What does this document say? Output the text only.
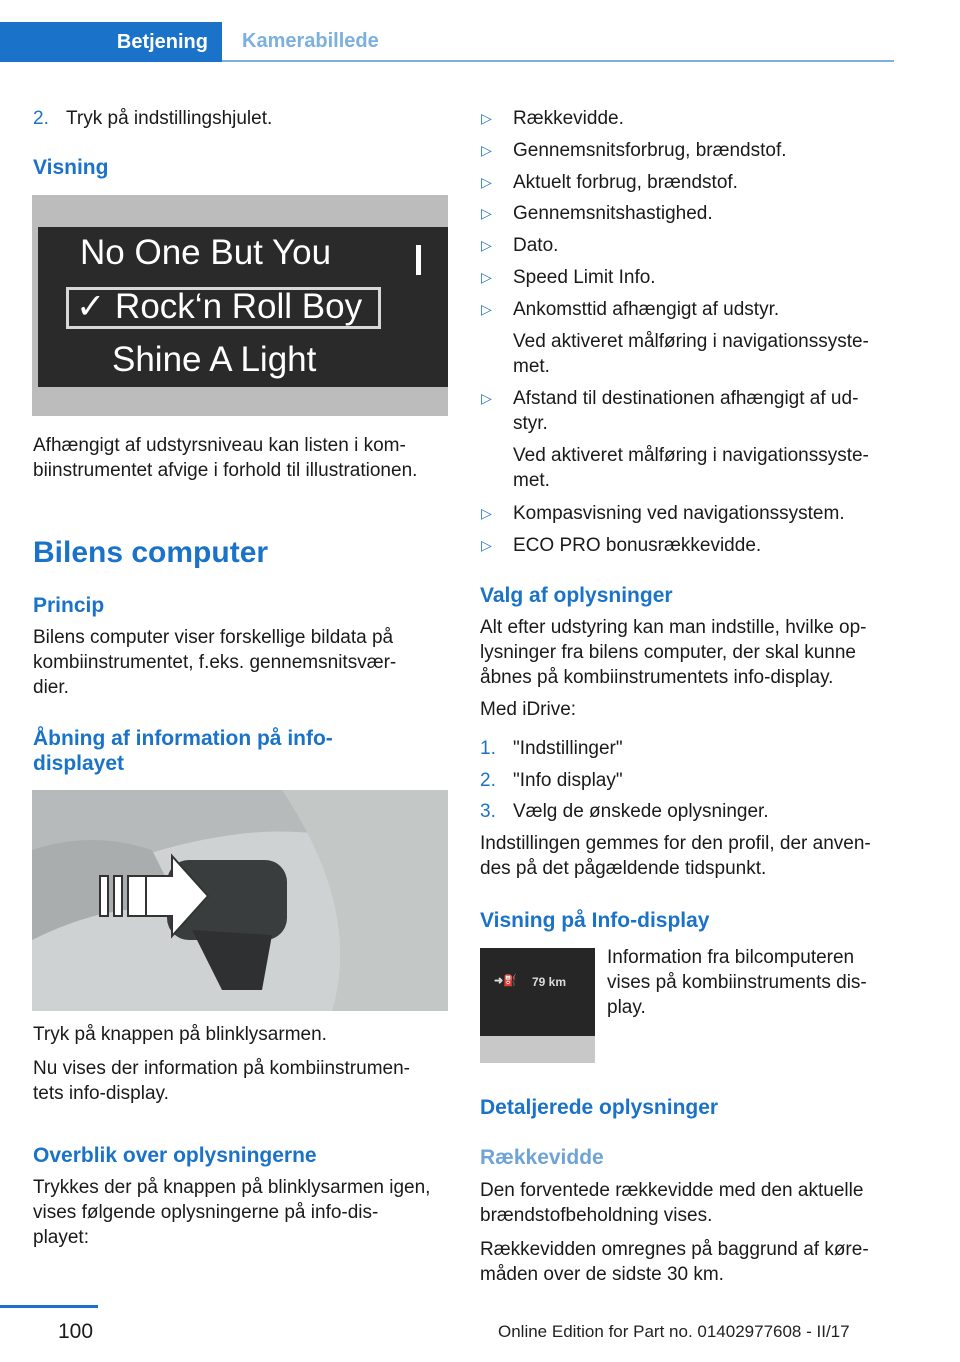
Betjening	Kamerabillede
2. Tryk på indstillingshjulet.
Visning
No One But You
✓ Rock‘n Roll Boy
Shine A Light
Afhængigt af udstyrsniveau kan listen i kom-
biinstrumentet afvige i forhold til illustrationen.
Bilens computer
Princip
Bilens computer viser forskellige bildata på
kombiinstrumentet, f.eks. gennemsnitsvær-
dier.
Åbning af information på info-
displayet
Tryk på knappen på blinklysarmen.
Nu vises der information på kombiinstrumen-
tets info-display.
Overblik over oplysningerne
Trykkes der på knappen på blinklysarmen igen,
vises følgende oplysningerne på info-dis-
playet:
▷ Rækkevidde.
▷ Gennemsnitsforbrug, brændstof.
▷ Aktuelt forbrug, brændstof.
▷ Gennemsnitshastighed.
▷ Dato.
▷ Speed Limit Info.
▷ Ankomsttid afhængigt af udstyr.
Ved aktiveret målføring i navigationssyste-
met.
▷ Afstand til destinationen afhængigt af ud-
styr.
Ved aktiveret målføring i navigationssyste-
met.
▷ Kompasvisning ved navigationssystem.
▷ ECO PRO bonusrækkevidde.
Valg af oplysninger
Alt efter udstyring kan man indstille, hvilke op-
lysninger fra bilens computer, der skal kunne
åbnes på kombiinstrumentets info-display.
Med iDrive:
1. "Indstillinger"
2. "Info display"
3. Vælg de ønskede oplysninger.
Indstillingen gemmes for den profil, der anven-
des på det pågældende tidspunkt.
Visning på Info-display
➜⛽ 79 km
Information fra bilcomputeren
vises på kombiinstruments dis-
play.
Detaljerede oplysninger
Rækkevidde
Den forventede rækkevidde med den aktuelle
brændstofbeholdning vises.
Rækkevidden omregnes på baggrund af køre-
måden over de sidste 30 km.
100	Online Edition for Part no. 01402977608 - II/17
